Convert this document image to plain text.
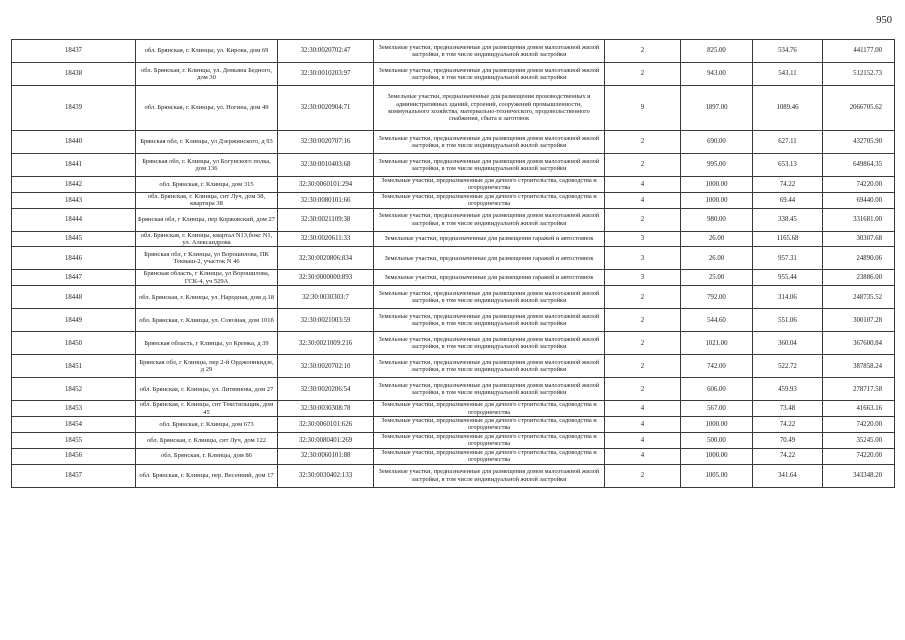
950
18437	обл. Брянская, г. Клинцы, ул. Кирова, дом 69	32:30:0020702:47	Земельные участки, предназначенные для размещения домов малоэтажной жилой застройки, в том числе индивидуальной жилой застройки	2	825.00	534.76	441177.00
18438	обл. Брянская, г. Клинцы, ул. Демьяна Бедного, дом 30	32:30:0010203:97	Земельные участки, предназначенные для размещения домов малоэтажной жилой застройки, в том числе индивидуальной жилой застройки	2	943.00	543.11	512152.73
18439	обл. Брянская, г. Клинцы, ул. Ногина, дом 49	32:30:0020904:71	Земельные участки, предназначенные для размещения производственных и административных зданий, строений, сооружений промышленности, коммунального хозяйства, материально-технического, продовольственного снабжения, сбыта и заготовок	9	1897.00	1089.46	2066705.62
18440	Брянская обл, г. Клинцы, ул Дзержинского, д 93	32:30:0020707:16	Земельные участки, предназначенные для размещения домов малоэтажной жилой застройки, в том числе индивидуальной жилой застройки	2	690.00	627.11	432705.90
18441	Брянская обл, г. Клинцы, ул Богунского полка, дом 136	32:30:0010403:68	Земельные участки, предназначенные для размещения домов малоэтажной жилой застройки, в том числе индивидуальной жилой застройки	2	995.00	653.13	649864.35
18442	обл. Брянская, г. Клинцы, дом 315	32:30:0060101:294	Земельные участки, предназначенные для дачного строительства, садоводства и огородничества	4	1000.00	74.22	74220.00
18443	обл. Брянская, г. Клинцы, снт Луч, дом 38, квартира 38	32:30:0080101:66	Земельные участки, предназначенные для дачного строительства, садоводства и огородничества	4	1000.00	69.44	69440.00
18444	Брянская обл, г Клинцы, пер Коржовский, дом 27	32:30:0021109:38	Земельные участки, предназначенные для размещения домов малоэтажной жилой застройки, в том числе индивидуальной жилой застройки	2	980.00	338.45	331681.00
18445	обл. Брянская, г. Клинцы, квартал N13,бокс N1, ул. Александрова	32:30:0020611:33	Земельные участки, предназначенные для размещения гаражей и автостоянок	3	26.00	1165.68	30307.68
18446	Брянская обл, г Клинцы, ул Ворошилова, ПК Текмаш-2, участок N 46	32:30:0020806:834	Земельные участки, предназначенные для размещения гаражей и автостоянок	3	26.00	957.31	24890.06
18447	Брянская область, г Клинцы, ул Ворошилова, ГСК-4, уч 529А	32:30:0000000:893	Земельные участки, предназначенные для размещения гаражей и автостоянок	3	25.00	955.44	23886.00
18448	обл. Брянская, г. Клинцы, ул. Народная, дом д.18	32:30:0030303:7	Земельные участки, предназначенные для размещения домов малоэтажной жилой застройки, в том числе индивидуальной жилой застройки	2	792.00	314.06	248735.52
18449	обл. Брянская, г. Клинцы, ул. Союзная, дом 101б	32:30:0021003:59	Земельные участки, предназначенные для размещения домов малоэтажной жилой застройки, в том числе индивидуальной жилой застройки	2	544.60	551.06	300107.28
18450	Брянская область, г Клинцы, ул Кремка, д 39	32:30:0021009:216	Земельные участки, предназначенные для размещения домов малоэтажной жилой застройки, в том числе индивидуальной жилой застройки	2	1021.00	360.04	367600.84
18451	Брянская обл, г Клинцы, пер 2-й Орджоникидзе, д 29	32:30:0020702:10	Земельные участки, предназначенные для размещения домов малоэтажной жилой застройки, в том числе индивидуальной жилой застройки	2	742.00	522.72	387858.24
18452	обл. Брянская, г. Клинцы, ул. Литвинова, дом 27	32:30:0020206:54	Земельные участки, предназначенные для размещения домов малоэтажной жилой застройки, в том числе индивидуальной жилой застройки	2	606.00	459.93	278717.58
18453	обл. Брянская, г. Клинцы, снт Текстильщик, дом 45	32:30:0030308:78	Земельные участки, предназначенные для дачного строительства, садоводства и огородничества	4	567.00	73.48	41663.16
18454	обл. Брянская, г. Клинцы, дом 673	32:30:0060101:626	Земельные участки, предназначенные для дачного строительства, садоводства и огородничества	4	1000.00	74.22	74220.00
18455	обл. Брянская, г. Клинцы, снт Луч, дом 122	32:30:0080401:269	Земельные участки, предназначенные для дачного строительства, садоводства и огородничества	4	500.00	70.49	35245.00
18456	обл. Брянская, г. Клинцы, дом 86	32:30:0060101:88	Земельные участки, предназначенные для дачного строительства, садоводства и огородничества	4	1000.00	74.22	74220.00
18457	обл. Брянская, г. Клинцы, пер. Весенний, дом 17	32:30:0030402:133	Земельные участки, предназначенные для размещения домов малоэтажной жилой застройки, в том числе индивидуальной жилой застройки	2	1005.00	341.64	343348.20
